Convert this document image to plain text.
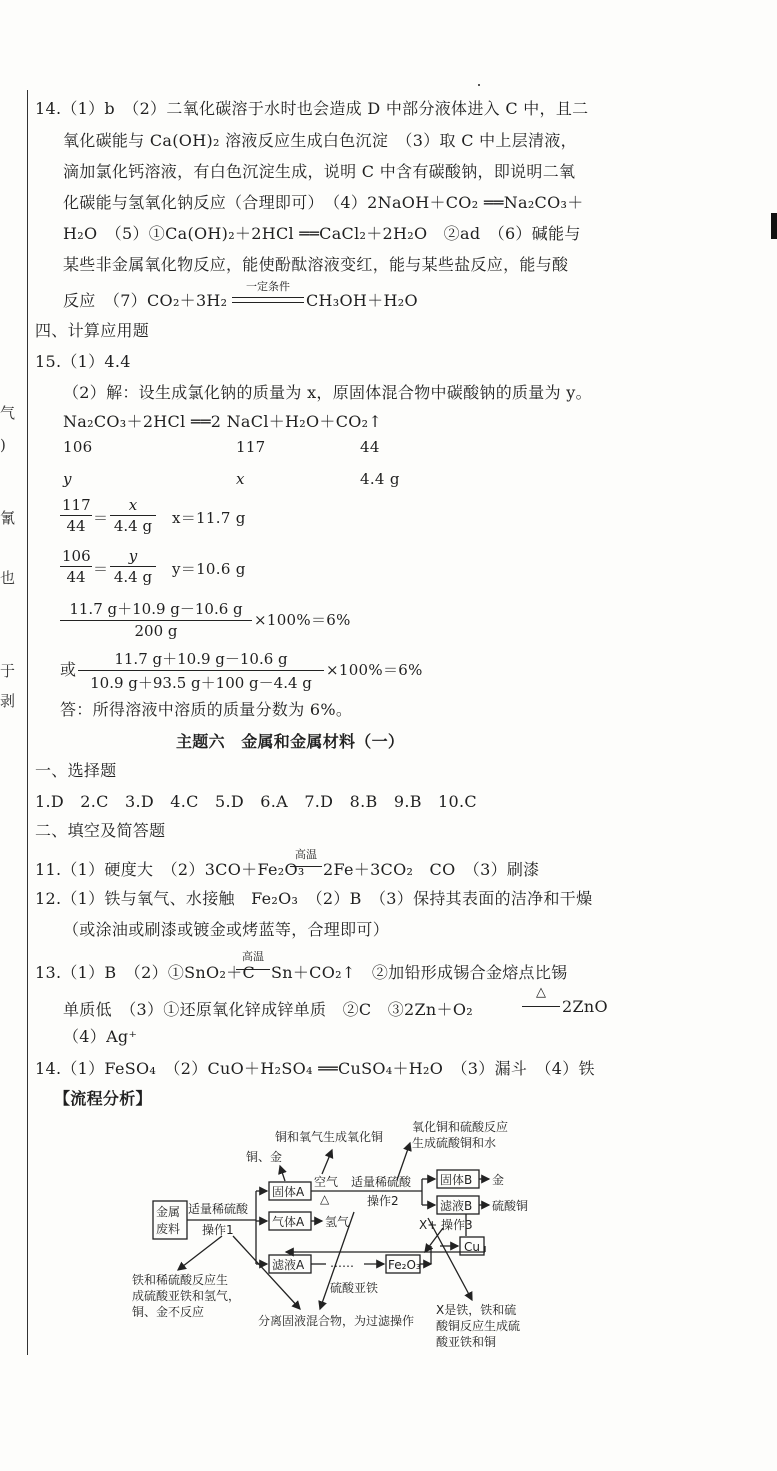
气
)
氰
也
于
剥
14.（1）b　（2）二氧化碳溶于水时也会造成 D 中部分液体进入 C 中，且二
氧化碳能与 Ca(OH)₂ 溶液反应生成白色沉淀　（3）取 C 中上层清液，
滴加氯化钙溶液，有白色沉淀生成，说明 C 中含有碳酸钠，即说明二氧
化碳能与氢氧化钠反应（合理即可）　（4）2NaOH＋CO₂ ══Na₂CO₃＋
H₂O　（5）①Ca(OH)₂＋2HCl ══CaCl₂＋2H₂O　②ad　（6）碱能与
某些非金属氧化物反应，能使酚酞溶液变红，能与某些盐反应，能与酸
反应　（7）CO₂＋3H₂
一定条件
CH₃OH＋H₂O
四、计算应用题
15.（1）4.4
（2）解：设生成氯化钠的质量为 x，原固体混合物中碳酸钠的质量为 y。
Na₂CO₃＋2HCl ══2 NaCl＋H₂O＋CO₂↑
106	117	44
y	x	4.4 g
117
44 ＝
x
4.4 g x＝11.7 g
106
44 ＝
y
4.4 g y＝10.6 g
11.7 g＋10.9 g－10.6 g
200 g
×100%＝6%
或
11.7 g＋10.9 g－10.6 g
10.9 g＋93.5 g＋100 g－4.4 g
×100%＝6%
答：所得溶液中溶质的质量分数为 6%。
主题六　金属和金属材料（一）
一、选择题
1.D　2.C　3.D　4.C　5.D　6.A　7.D　8.B　9.B　10.C
二、填空及简答题
11.（1）硬度大　（2）3CO＋Fe₂O₃
高温
2Fe＋3CO₂　CO　（3）刷漆
12.（1）铁与氧气、水接触　Fe₂O₃　（2）B　（3）保持其表面的洁净和干燥
（或涂油或刷漆或镀金或烤蓝等，合理即可）
13.（1）B　（2）①SnO₂＋C
高温
Sn＋CO₂↑　②加铅形成锡合金熔点比锡
单质低　（3）①还原氧化锌成锌单质　②C　③2Zn＋O₂
△
2ZnO
（4）Ag⁺
14.（1）FeSO₄　（2）CuO＋H₂SO₄ ══CuSO₄＋H₂O　（3）漏斗　（4）铁
【流程分析】
铜和氧气生成氧化铜
铜、金
氧化铜和硫酸反应
生成硫酸铜和水
金属
废料
适量稀硫酸
操作1
固体A
空气
△
适量稀硫酸
操作2
固体B 金
滤液B 硫酸铜
X+ 操作3
Cu
气体A 氢气
滤液A ……	Fe₂O₃
硫酸亚铁
铁和稀硫酸反应生
成硫酸亚铁和氢气，
铜、金不反应
分离固液混合物，为过滤操作
X是铁，铁和硫
酸铜反应生成硫
酸亚铁和铜
